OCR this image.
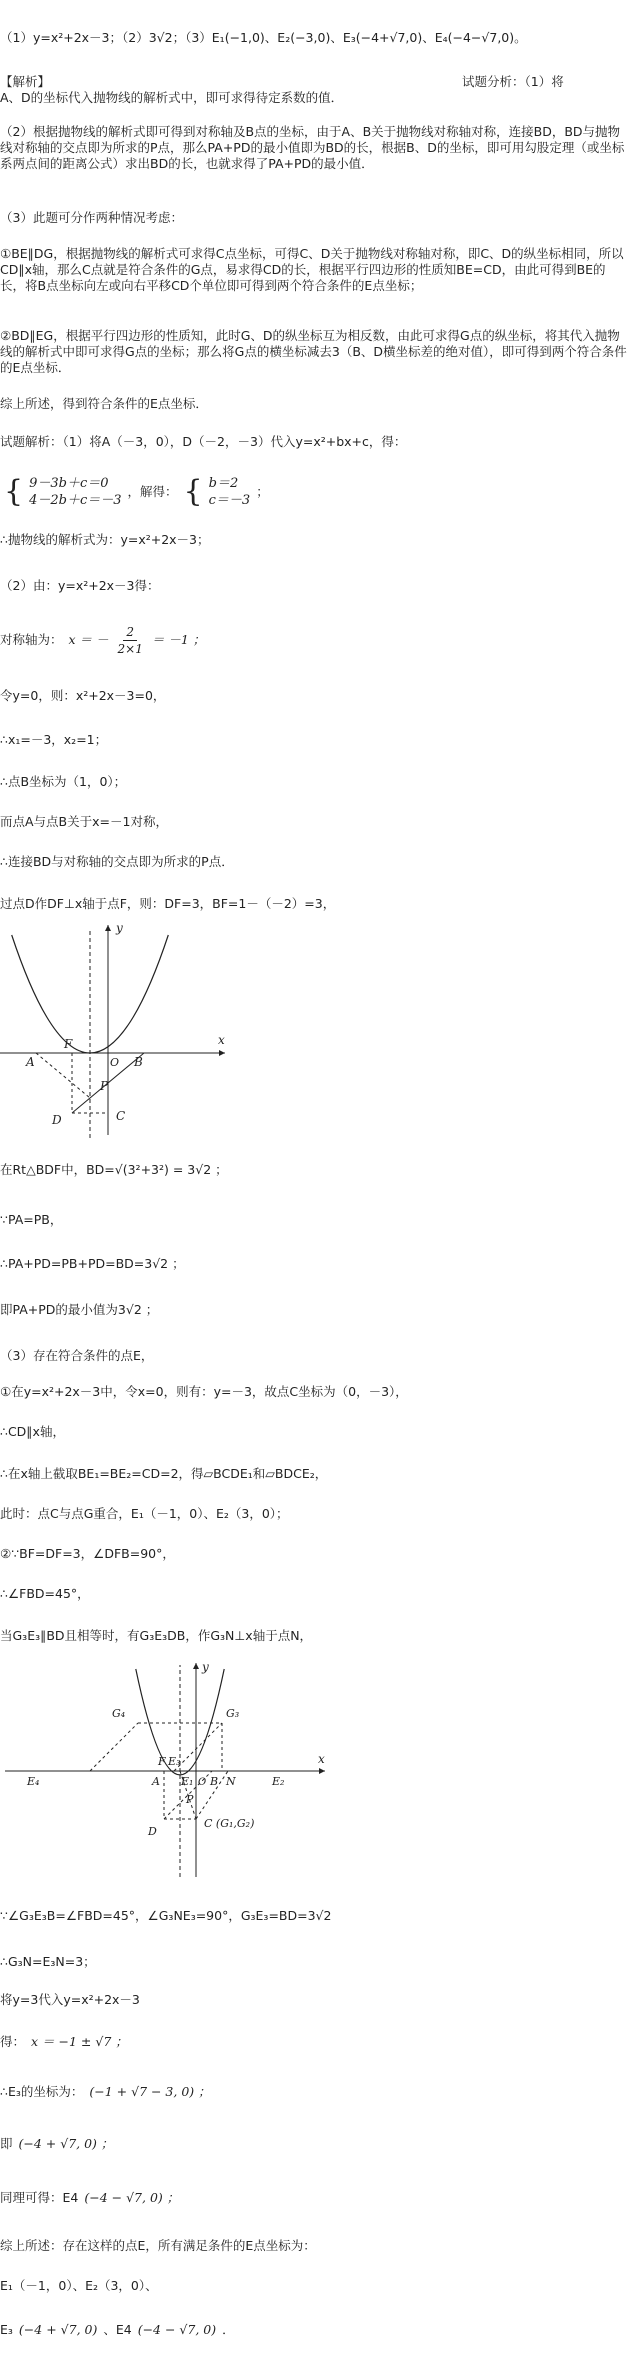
（1）y=x²+2x－3；（2）3√2；（3）E₁(−1,0)、E₂(−3,0)、E₃(−4+√7,0)、E₄(−4−√7,0)。
【解析】	试题分析：（1）将
A、D的坐标代入抛物线的解析式中，即可求得待定系数的值．
（2）根据抛物线的解析式即可得到对称轴及B点的坐标，由于A、B关于抛物线对称轴对称，连接BD，BD与抛物线对称轴的交点即为所求的P点，那么PA+PD的最小值即为BD的长，根据B、D的坐标，即可用勾股定理（或坐标系两点间的距离公式）求出BD的长，也就求得了PA+PD的最小值．
（3）此题可分作两种情况考虑：
①BE∥DG，根据抛物线的解析式可求得C点坐标，可得C、D关于抛物线对称轴对称，即C、D的纵坐标相同，所以CD∥x轴，那么C点就是符合条件的G点，易求得CD的长，根据平行四边形的性质知BE=CD，由此可得到BE的长，将B点坐标向左或向右平移CD个单位即可得到两个符合条件的E点坐标；
②BD∥EG，根据平行四边形的性质知，此时G、D的纵坐标互为相反数，由此可求得G点的纵坐标，将其代入抛物线的解析式中即可求得G点的坐标；那么将G点的横坐标减去3（B、D横坐标差的绝对值），即可得到两个符合条件的E点坐标．
综上所述，得到符合条件的E点坐标．
试题解析：（1）将A（－3，0），D（－2，－3）代入y=x²+bx+c，得：
{ 9－3b＋c＝0
4－2b＋c＝－3
，解得： { b＝2
c＝－3
；
∴抛物线的解析式为：y=x²+2x－3；
（2）由：y=x²+2x－3得：
对称轴为： x ＝ － $\frac{2}{2\times 1} = -1$ ；
令y=0，则：x²+2x－3=0，
∴x₁=－3，x₂=1；
∴点B坐标为（1，0）；
而点A与点B关于x=－1对称，
∴连接BD与对称轴的交点即为所求的P点．
过点D作DF⊥x轴于点F，则：DF=3，BF=1－（－2）=3，
y
x
F
A	O B
P
C
D
在Rt△BDF中，BD=√(3²+3²) = 3√2 ；
∵PA=PB，
∴PA+PD=PB+PD=BD=3√2 ；
即PA+PD的最小值为3√2 ；
（3）存在符合条件的点E，
①在y=x²+2x－3中，令x=0，则有：y=－3，故点C坐标为（0，－3），
∴CD∥x轴，
∴在x轴上截取BE₁=BE₂=CD=2，得▱BCDE₁和▱BDCE₂，
此时：点C与点G重合，E₁（－1，0）、E₂（3，0）；
②∵BF=DF=3，∠DFB=90°，
∴∠FBD=45°，
当G₃E₃∥BD且相等时，有G₃E₃DB，作G₃N⊥x轴于点N，
y
x
G₄	G₃
E₄	A
F
E₁
E₃
O B N	E₂
P
C (G₁,G₂)
D
∵∠G₃E₃B=∠FBD=45°，∠G₃NE₃=90°，G₃E₃=BD=3√2
∴G₃N=E₃N=3；
将y=3代入y=x²+2x－3
得： x ＝ −1 ± √7 ；
∴E₃的坐标为： (−1 + √7 − 3, 0) ；
即 (−4 + √7, 0) ；
同理可得：E4 (−4 − √7, 0) ；
综上所述：存在这样的点E，所有满足条件的E点坐标为：
E₁（－1，0）、E₂（3，0）、
E₃ (−4 + √7, 0) 、E4 (−4 − √7, 0) ．
